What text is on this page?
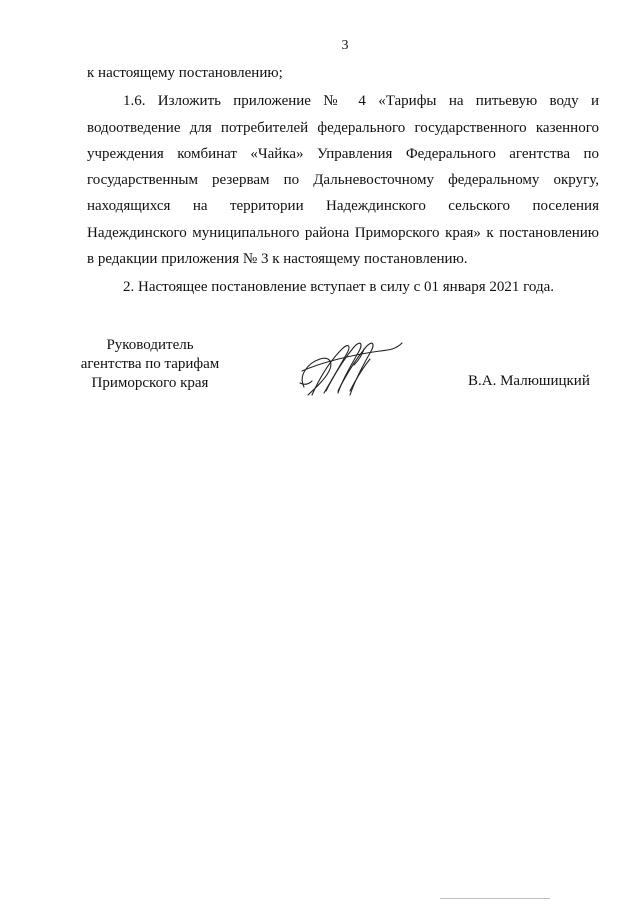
3

к настоящему постановлению;

1.6. Изложить приложение № 4 «Тарифы на питьевую воду и водоотведение для потребителей федерального государственного казенного учреждения комбинат «Чайка» Управления Федерального агентства по государственным резервам по Дальневосточному федеральному округу, находящихся на территории Надеждинского сельского поселения Надеждинского муниципального района Приморского края» к постановлению в редакции приложения № 3 к настоящему постановлению.

2. Настоящее постановление вступает в силу с 01 января 2021 года.

Руководитель
агентства по тарифам
Приморского края	В.А. Малюшицкий
